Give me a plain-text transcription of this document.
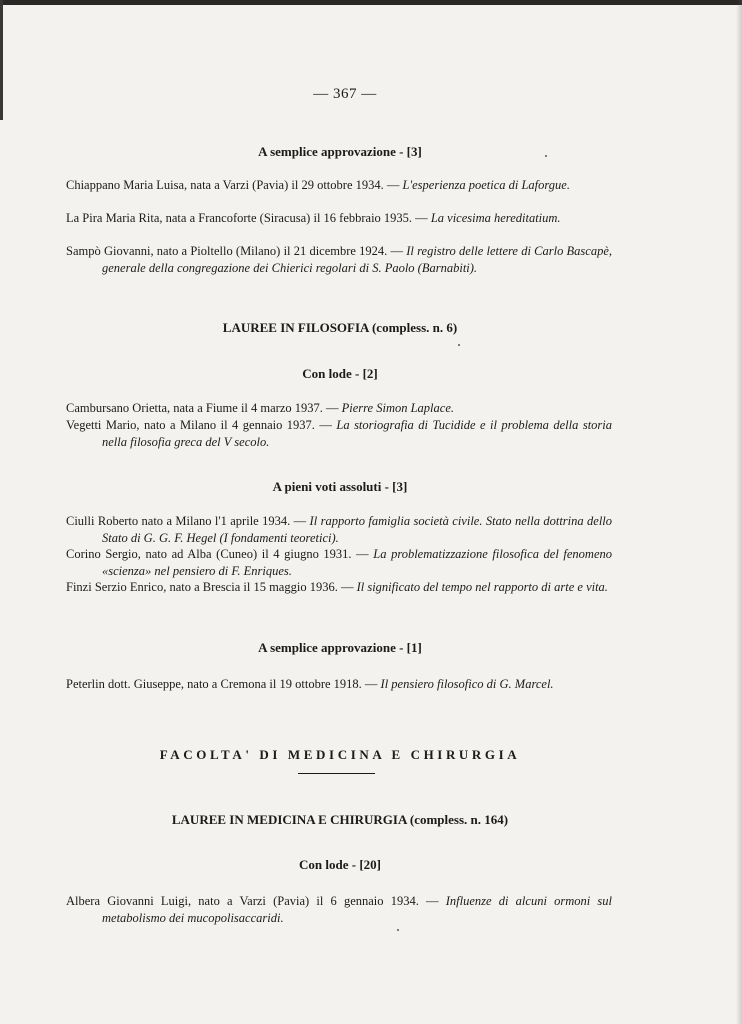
— 367 —
A semplice approvazione - [3]
Chiappano Maria Luisa, nata a Varzi (Pavia) il 29 ottobre 1934. — L'esperienza poetica di Laforgue.
La Pira Maria Rita, nata a Francoforte (Siracusa) il 16 febbraio 1935. — La vicesima hereditatium.
Sampò Giovanni, nato a Pioltello (Milano) il 21 dicembre 1924. — Il registro delle lettere di Carlo Bascapè, generale della congregazione dei Chierici regolari di S. Paolo (Barnabiti).
LAUREE IN FILOSOFIA (compless. n. 6)
Con lode - [2]
Cambursano Orietta, nata a Fiume il 4 marzo 1937. — Pierre Simon Laplace.
Vegetti Mario, nato a Milano il 4 gennaio 1937. — La storiografia di Tucidide e il problema della storia nella filosofia greca del V secolo.
A pieni voti assoluti - [3]
Ciulli Roberto nato a Milano l'1 aprile 1934. — Il rapporto famiglia società civile. Stato nella dottrina dello Stato di G. G. F. Hegel (I fondamenti teoretici).
Corino Sergio, nato ad Alba (Cuneo) il 4 giugno 1931. — La problematizzazione filosofica del fenomeno «scienza» nel pensiero di F. Enriques.
Finzi Serzio Enrico, nato a Brescia il 15 maggio 1936. — Il significato del tempo nel rapporto di arte e vita.
A semplice approvazione - [1]
Peterlin dott. Giuseppe, nato a Cremona il 19 ottobre 1918. — Il pensiero filosofico di G. Marcel.
FACOLTA' DI MEDICINA E CHIRURGIA
LAUREE IN MEDICINA E CHIRURGIA (compless. n. 164)
Con lode - [20]
Albera Giovanni Luigi, nato a Varzi (Pavia) il 6 gennaio 1934. — Influenze di alcuni ormoni sul metabolismo dei mucopolisaccaridi.
